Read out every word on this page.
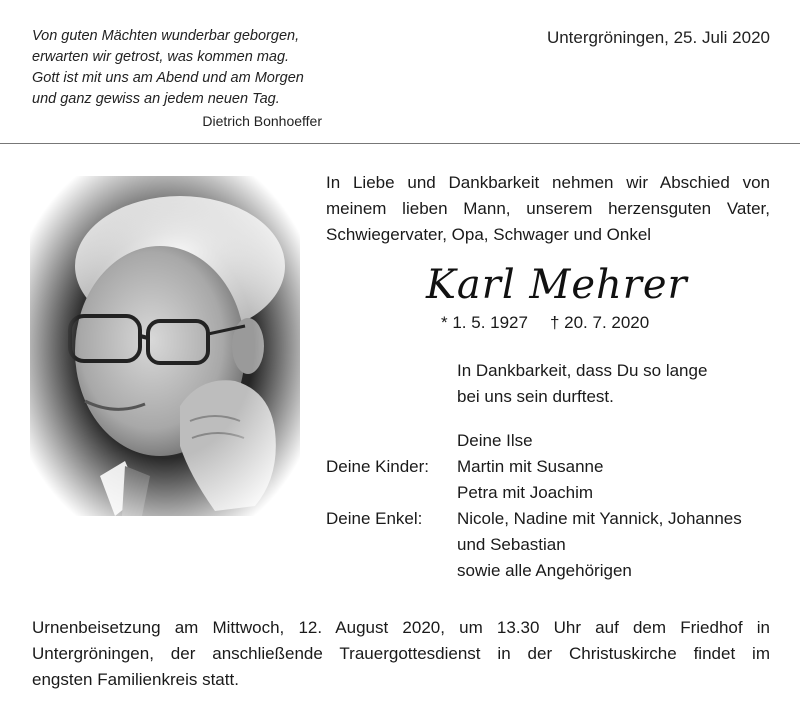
Von guten Mächten wunderbar geborgen,
erwarten wir getrost, was kommen mag.
Gott ist mit uns am Abend und am Morgen
und ganz gewiss an jedem neuen Tag.
Dietrich Bonhoeffer
Untergröningen, 25. Juli 2020
In Liebe und Dankbarkeit nehmen wir Abschied von
meinem lieben Mann, unserem herzensguten Vater,
Schwiegervater, Opa, Schwager und Onkel
Karl Mehrer
* 1. 5. 1927 † 20. 7. 2020
In Dankbarkeit, dass Du so lange
bei uns sein durftest.
Deine Ilse
Deine Kinder:	Martin mit Susanne
Petra mit Joachim
Deine Enkel:	Nicole, Nadine mit Yannick, Johannes
und Sebastian
sowie alle Angehörigen
Urnenbeisetzung am Mittwoch, 12. August 2020, um 13.30 Uhr auf dem Friedhof in
Untergröningen, der anschließende Trauergottesdienst in der Christuskirche findet im
engsten Familienkreis statt.
